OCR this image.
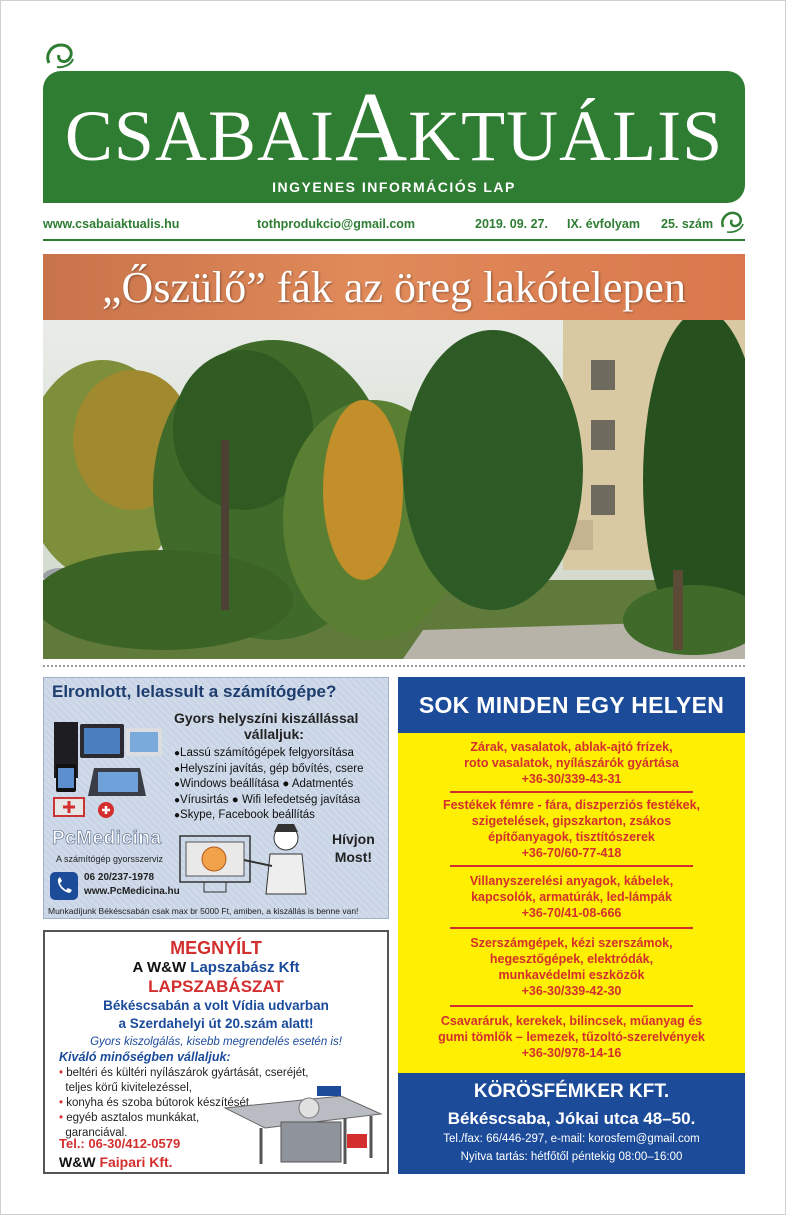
CSABAIAKTUÁLIS
INGYENES INFORMÁCIÓS LAP
www.csabaiaktualis.hu	tothprodukcio@gmail.com	2019. 09. 27. IX. évfolyam 25. szám
„Őszülő” fák az öreg lakótelepen
Elromlott, lelassult a számítógépe?
Gyors helyszíni kiszállással
vállaljuk:
● Lassú számítógépek felgyorsítása
● Helyszíni javítás, gép bővítés, csere
● Windows beállítása ● Adatmentés
● Vírusirtás ● Wifi lefedetség javítása
● Skype, Facebook beállítás
PcMedicina
A számítógép gyorsszerviz
Hívjon
Most!
06 20/237-1978
www.PcMedicina.hu
Munkadíjunk Békéscsabán csak max br 5000 Ft, amiben, a kiszállás is benne van!
MEGNYÍLT
A W&W Lapszabász Kft
LAPSZABÁSZAT
Békéscsabán a volt Vídia udvarban
a Szerdahelyi út 20.szám alatt!
Gyors kiszolgálás, kisebb megrendelés esetén is!
Kiváló minőségben vállaljuk:
• beltéri és kültéri nyílászárok gyártását, cseréjét,
teljes körű kivitelezéssel,
• konyha és szoba bútorok készítését,
• egyéb asztalos munkákat,
garanciával.
Tel.: 06-30/412-0579
W&W Faipari Kft.
SOK MINDEN EGY HELYEN
Zárak, vasalatok, ablak-ajtó frízek,
roto vasalatok, nyílászárók gyártása
+36-30/339-43-31
Festékek fémre - fára, diszperziós festékek,
szigetelések, gipszkarton, zsákos
építőanyagok, tisztítószerek
+36-70/60-77-418
Villanyszerelési anyagok, kábelek,
kapcsolók, armatúrák, led-lámpák
+36-70/41-08-666
Szerszámgépek, kézi szerszámok,
hegesztőgépek, elektródák,
munkavédelmi eszközök
+36-30/339-42-30
Csavaráruk, kerekek, bilincsek, műanyag és
gumi tömlők – lemezek, tűzoltó-szerelvények
+36-30/978-14-16
KÖRÖSFÉMKER KFT.
Békéscsaba, Jókai utca 48–50.
Tel./fax: 66/446-297, e-mail: korosfem@gmail.com
Nyitva tartás: hétfőtől péntekig 08:00–16:00
